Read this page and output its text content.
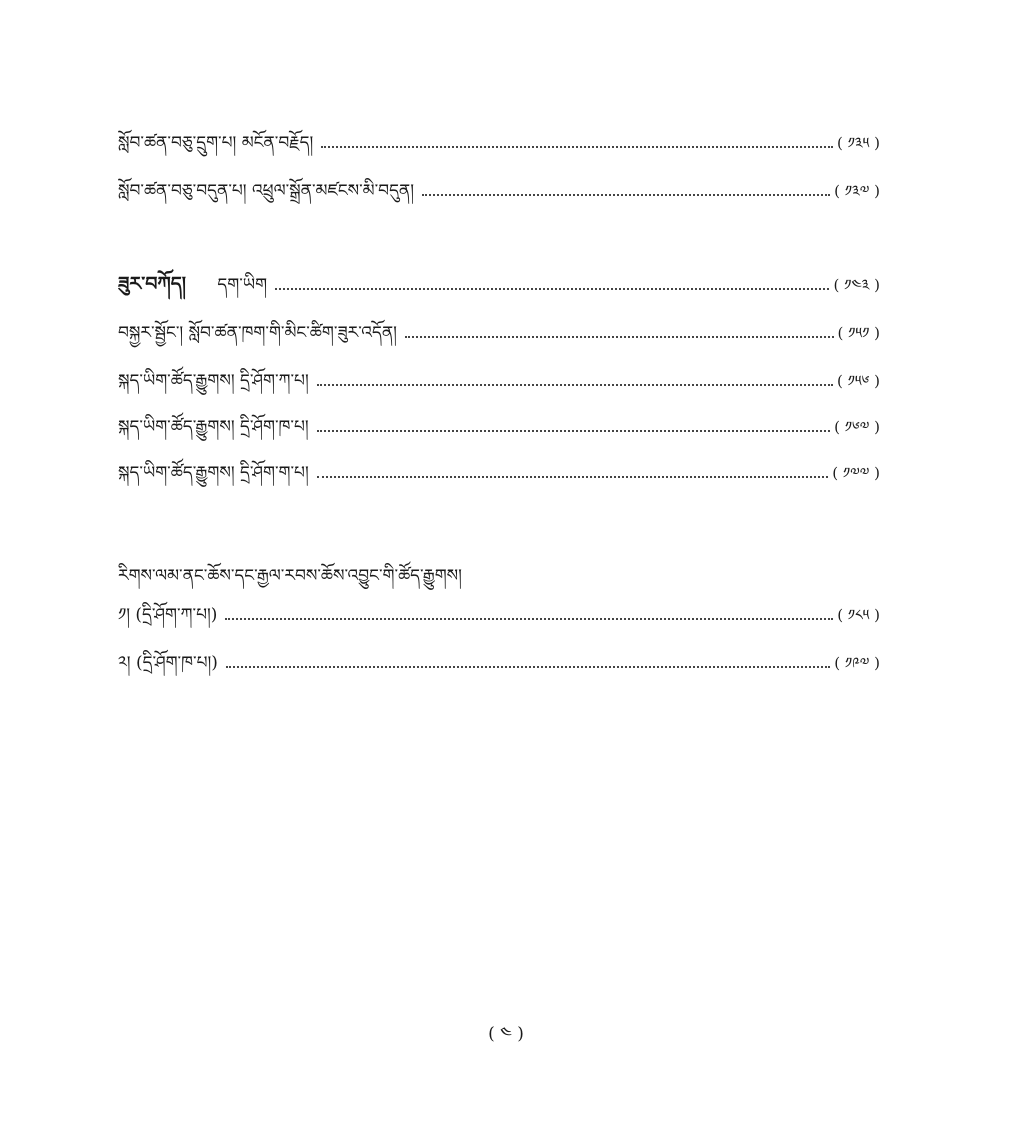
སློབ་ཚན་བཅུ་དྲུག་པ། མངོན་བརྗོད།	( ༡༣༥ )
སློབ་ཚན་བཅུ་བདུན་པ། འཕྲུལ་སྒྲོན་མཛངས་མི་བདུན།	( ༡༣༧ )
ཟུར་བཀོད། དག་ཡིག	( ༡༤༣ )
བསྐྱར་སྦྱོང་། སློབ་ཚན་ཁག་གི་མིང་ཚིག་ཟུར་འདོན།	( ༡༥༡ )
སྐད་ཡིག་ཚོད་རྒྱུགས། དྲི་ཤོག་ཀ་པ།	( ༡༥༦ )
སྐད་ཡིག་ཚོད་རྒྱུགས། དྲི་ཤོག་ཁ་པ།	( ༡༦༧ )
སྐད་ཡིག་ཚོད་རྒྱུགས། དྲི་ཤོག་ག་པ།	( ༡༧༧ )
རིགས་ལམ་ནང་ཆོས་དང་རྒྱལ་རབས་ཆོས་འབྱུང་གི་ཚོད་རྒྱུགས།
༡། (དྲི་ཤོག་ཀ་པ།)	( ༡༨༥ )
༢། (དྲི་ཤོག་ཁ་པ།)	( ༡༩༧ )
( ༤ )
